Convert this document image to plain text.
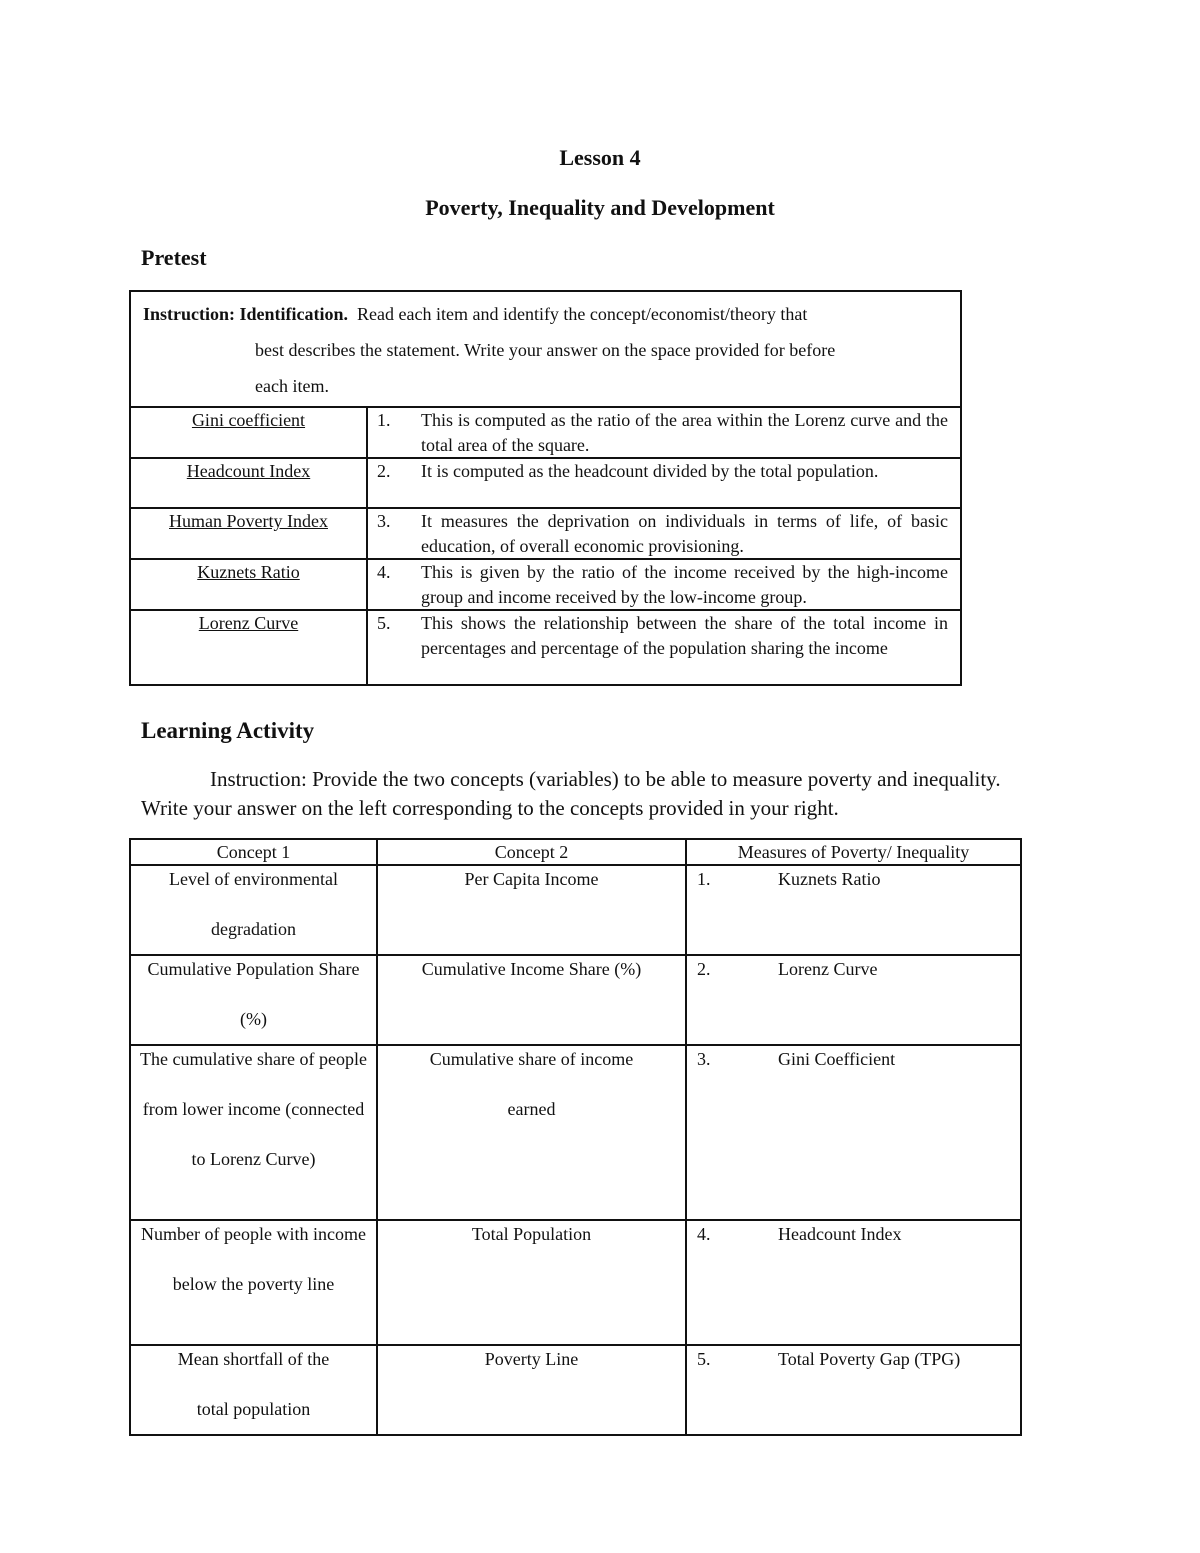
Lesson 4
Poverty, Inequality and Development
Pretest
Instruction: Identification. Read each item and identify the concept/economist/theory that
best describes the statement. Write your answer on the space provided for before
each item.	

Gini coefficient	1. This is computed as the ratio of the area within the Lorenz curve and the total area of the square.

Headcount Index	2. It is computed as the headcount divided by the total population.

Human Poverty Index	3. It measures the deprivation on individuals in terms of life, of basic education, of overall economic provisioning.

Kuznets Ratio	4. This is given by the ratio of the income received by the high-income group and income received by the low-income group.

Lorenz Curve	5. This shows the relationship between the share of the total income in percentages and percentage of the population sharing the income
Learning Activity

Instruction: Provide the two concepts (variables) to be able to measure poverty and inequality. Write your answer on the left corresponding to the concepts provided in your right.

Concept 1	Concept 2	Measures of Poverty/ Inequality

Level of environmental degradation	Per Capita Income	1. Kuznets Ratio

Cumulative Population Share (%)	Cumulative Income Share (%)	2. Lorenz Curve

The cumulative share of people from lower income (connected to Lorenz Curve)	Cumulative share of income earned	3. Gini Coefficient

Number of people with income below the poverty line	Total Population	4. Headcount Index

Mean shortfall of the total population	Poverty Line	5. Total Poverty Gap (TPG)
